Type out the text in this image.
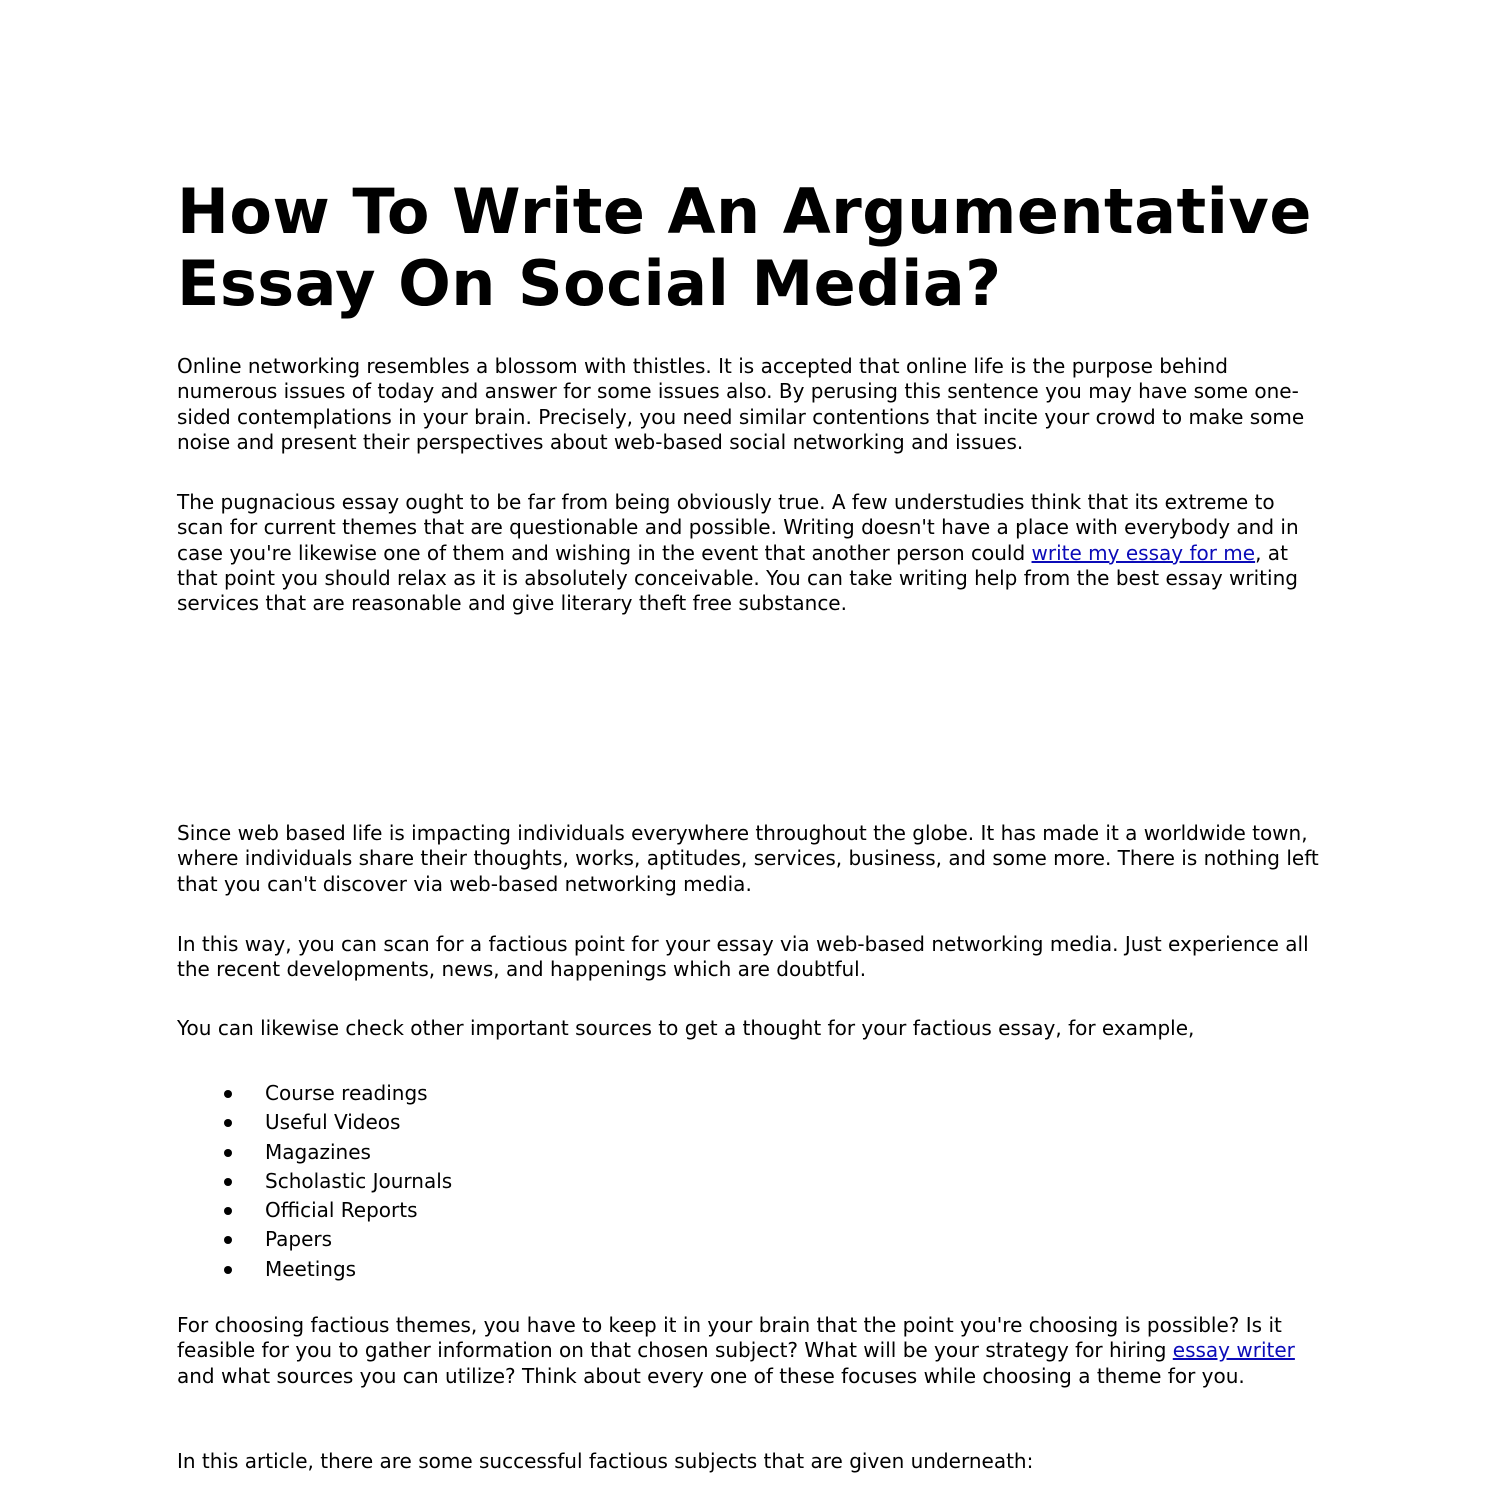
How To Write An Argumentative Essay On Social Media?

Online networking resembles a blossom with thistles. It is accepted that online life is the purpose behind numerous issues of today and answer for some issues also. By perusing this sentence you may have some one-sided contemplations in your brain. Precisely, you need similar contentions that incite your crowd to make some noise and present their perspectives about web-based social networking and issues.

The pugnacious essay ought to be far from being obviously true. A few understudies think that its extreme to scan for current themes that are questionable and possible. Writing doesn't have a place with everybody and in case you're likewise one of them and wishing in the event that another person could write my essay for me, at that point you should relax as it is absolutely conceivable. You can take writing help from the best essay writing services that are reasonable and give literary theft free substance.

Since web based life is impacting individuals everywhere throughout the globe. It has made it a worldwide town, where individuals share their thoughts, works, aptitudes, services, business, and some more. There is nothing left that you can't discover via web-based networking media.

In this way, you can scan for a factious point for your essay via web-based networking media. Just experience all the recent developments, news, and happenings which are doubtful.

You can likewise check other important sources to get a thought for your factious essay, for example,

Course readings
Useful Videos
Magazines
Scholastic Journals
Official Reports
Papers
Meetings

For choosing factious themes, you have to keep it in your brain that the point you're choosing is possible? Is it feasible for you to gather information on that chosen subject? What will be your strategy for hiring essay writer and what sources you can utilize? Think about every one of these focuses while choosing a theme for you.

In this article, there are some successful factious subjects that are given underneath:
